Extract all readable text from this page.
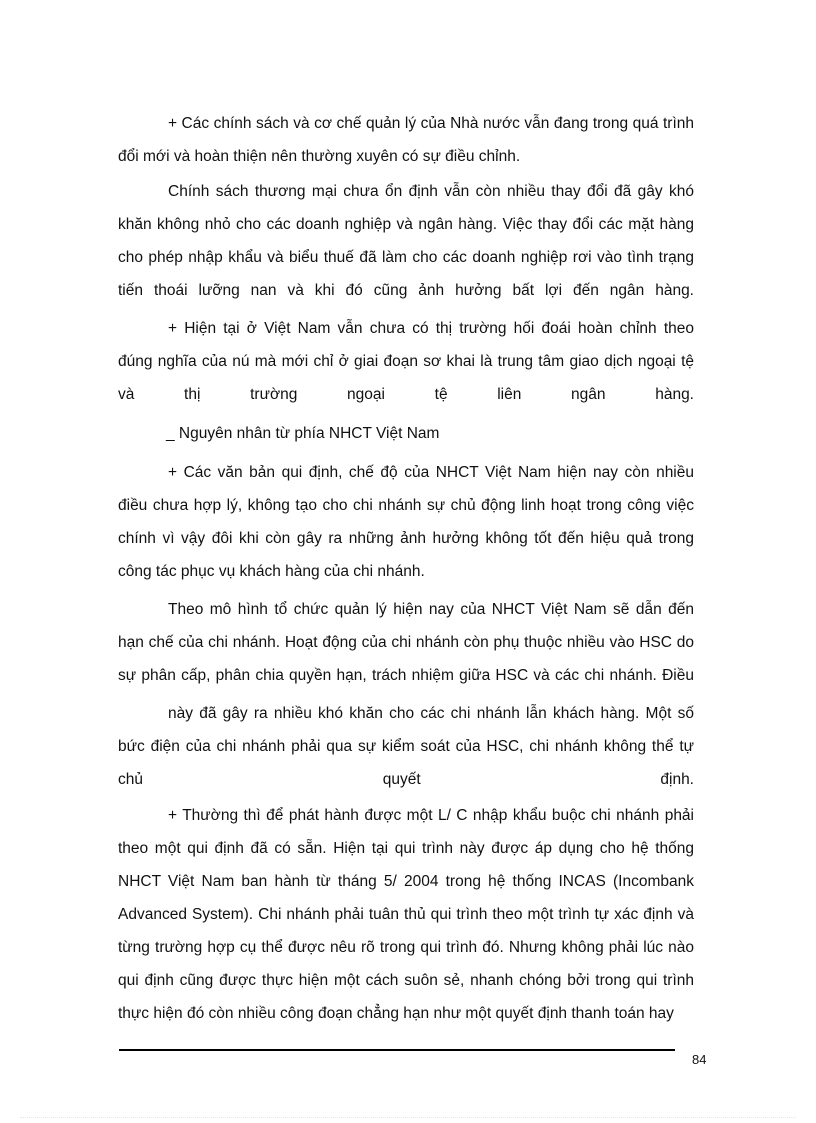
+ Các chính sách và cơ chế quản lý của Nhà nước vẫn đang trong quá trình
đổi mới và hoàn thiện nên thường xuyên có sự điều chỉnh.
Chính sách thương mại chưa ổn định vẫn còn nhiều thay đổi đã gây khó
khăn không nhỏ cho các doanh nghiệp và ngân hàng. Việc thay đổi các mặt hàng
cho phép nhập khẩu và biểu thuế đã làm cho các doanh nghiệp rơi vào tình trạng
tiến thoái lưỡng nan và khi đó cũng ảnh hưởng bất lợi đến ngân hàng.
+ Hiện tại ở Việt Nam vẫn chưa có thị trường hối đoái hoàn chỉnh theo
đúng nghĩa của nú mà mới chỉ ở giai đoạn sơ khai là trung tâm giao dịch ngoại tệ
và thị trường ngoại tệ liên ngân hàng.
_ Nguyên nhân từ phía NHCT Việt Nam
+ Các văn bản qui định, chế độ của NHCT Việt Nam hiện nay còn nhiều
điều chưa hợp lý, không tạo cho chi nhánh sự chủ động linh hoạt trong công việc
chính vì vậy đôi khi còn gây ra những ảnh hưởng không tốt đến hiệu quả trong
công tác phục vụ khách hàng của chi nhánh.
Theo mô hình tổ chức quản lý hiện nay của NHCT Việt Nam sẽ dẫn đến
hạn chế của chi nhánh. Hoạt động của chi nhánh còn phụ thuộc nhiều vào HSC do
sự phân cấp, phân chia quyền hạn, trách nhiệm giữa HSC và các chi nhánh. Điều
này đã gây ra nhiều khó khăn cho các chi nhánh lẫn khách hàng. Một số
bức điện của chi nhánh phải qua sự kiểm soát của HSC, chi nhánh không thể tự
chủ quyết định.
+ Thường thì để phát hành được một L/ C nhập khẩu buộc chi nhánh phải
theo một qui định đã có sẵn. Hiện tại qui trình này được áp dụng cho hệ thống
NHCT Việt Nam ban hành từ tháng 5/ 2004 trong hệ thống INCAS (Incombank
Advanced System). Chi nhánh phải tuân thủ qui trình theo một trình tự xác định và
từng trường hợp cụ thể được nêu rõ trong qui trình đó. Nhưng không phải lúc nào
qui định cũng được thực hiện một cách suôn sẻ, nhanh chóng bởi trong qui trình
thực hiện đó còn nhiều công đoạn chẳng hạn như một quyết định thanh toán hay
84
